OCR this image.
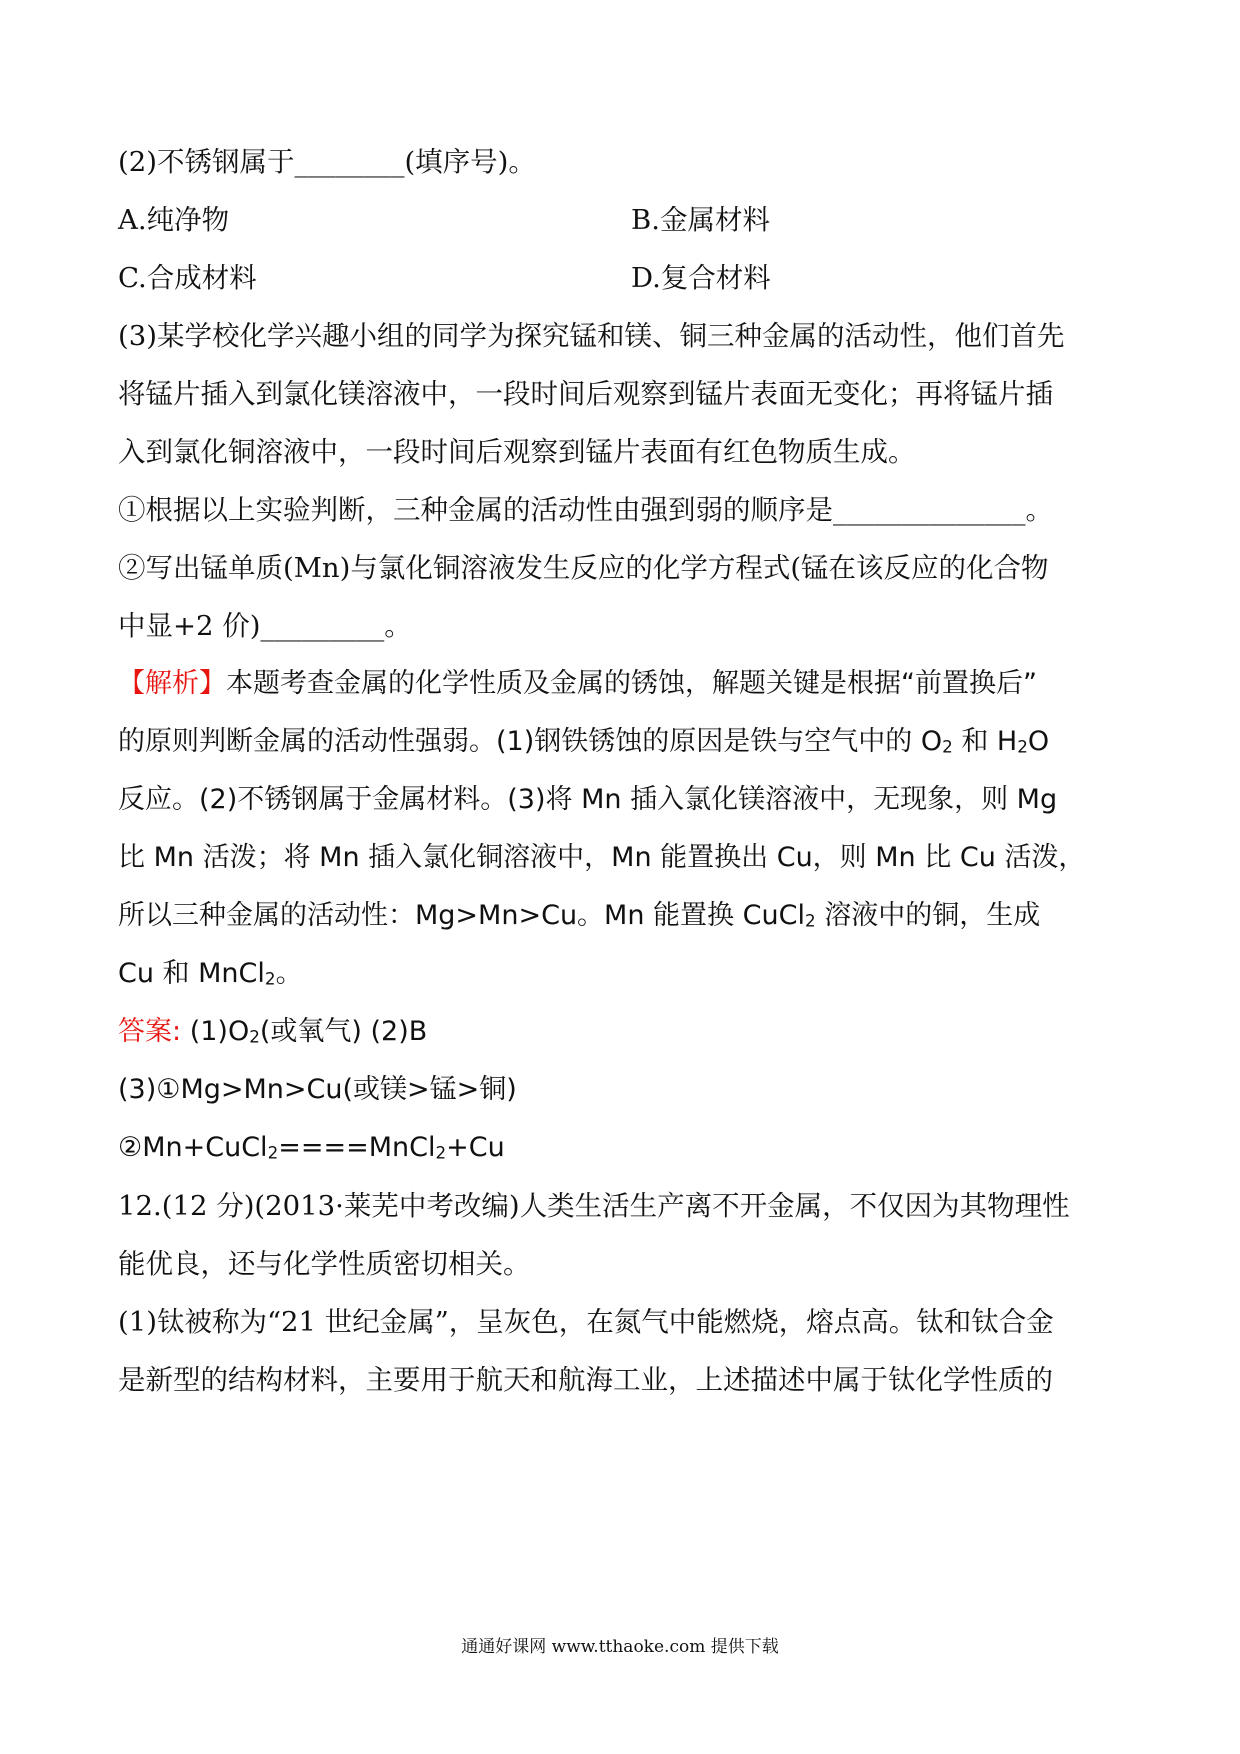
(2)不锈钢属于________(填序号)。
A.纯净物	B.金属材料
C.合成材料	D.复合材料
(3)某学校化学兴趣小组的同学为探究锰和镁、铜三种金属的活动性，他们首先
将锰片插入到氯化镁溶液中，一段时间后观察到锰片表面无变化；再将锰片插
入到氯化铜溶液中，一段时间后观察到锰片表面有红色物质生成。
①根据以上实验判断，三种金属的活动性由强到弱的顺序是______________。
②写出锰单质(Mn)与氯化铜溶液发生反应的化学方程式(锰在该反应的化合物
中显+2 价)_________。
【解析】本题考查金属的化学性质及金属的锈蚀，解题关键是根据“前置换后”
的原则判断金属的活动性强弱。(1)钢铁锈蚀的原因是铁与空气中的 $O_2$ 和 $H_2O$
反应。(2)不锈钢属于金属材料。(3)将 Mn 插入氯化镁溶液中，无现象，则 Mg
比 Mn 活泼；将 Mn 插入氯化铜溶液中，Mn 能置换出 Cu，则 Mn 比 Cu 活泼，
所以三种金属的活动性：Mg>Mn>Cu。Mn 能置换 CuCl$_2$ 溶液中的铜，生成
Cu 和 MnCl$_2$。
答案: $(1)O_2$(或氧气) (2)B
(3)①Mg>Mn>Cu(或镁>锰>铜)
②Mn+CuCl$_2$====MnCl$_2$+Cu
12.(12 分)(2013·莱芜中考改编)人类生活生产离不开金属，不仅因为其物理性
能优良，还与化学性质密切相关。
(1)钛被称为“21 世纪金属”，呈灰色，在氮气中能燃烧，熔点高。钛和钛合金
是新型的结构材料，主要用于航天和航海工业，上述描述中属于钛化学性质的
通通好课网 www.tthaoke.com 提供下载
